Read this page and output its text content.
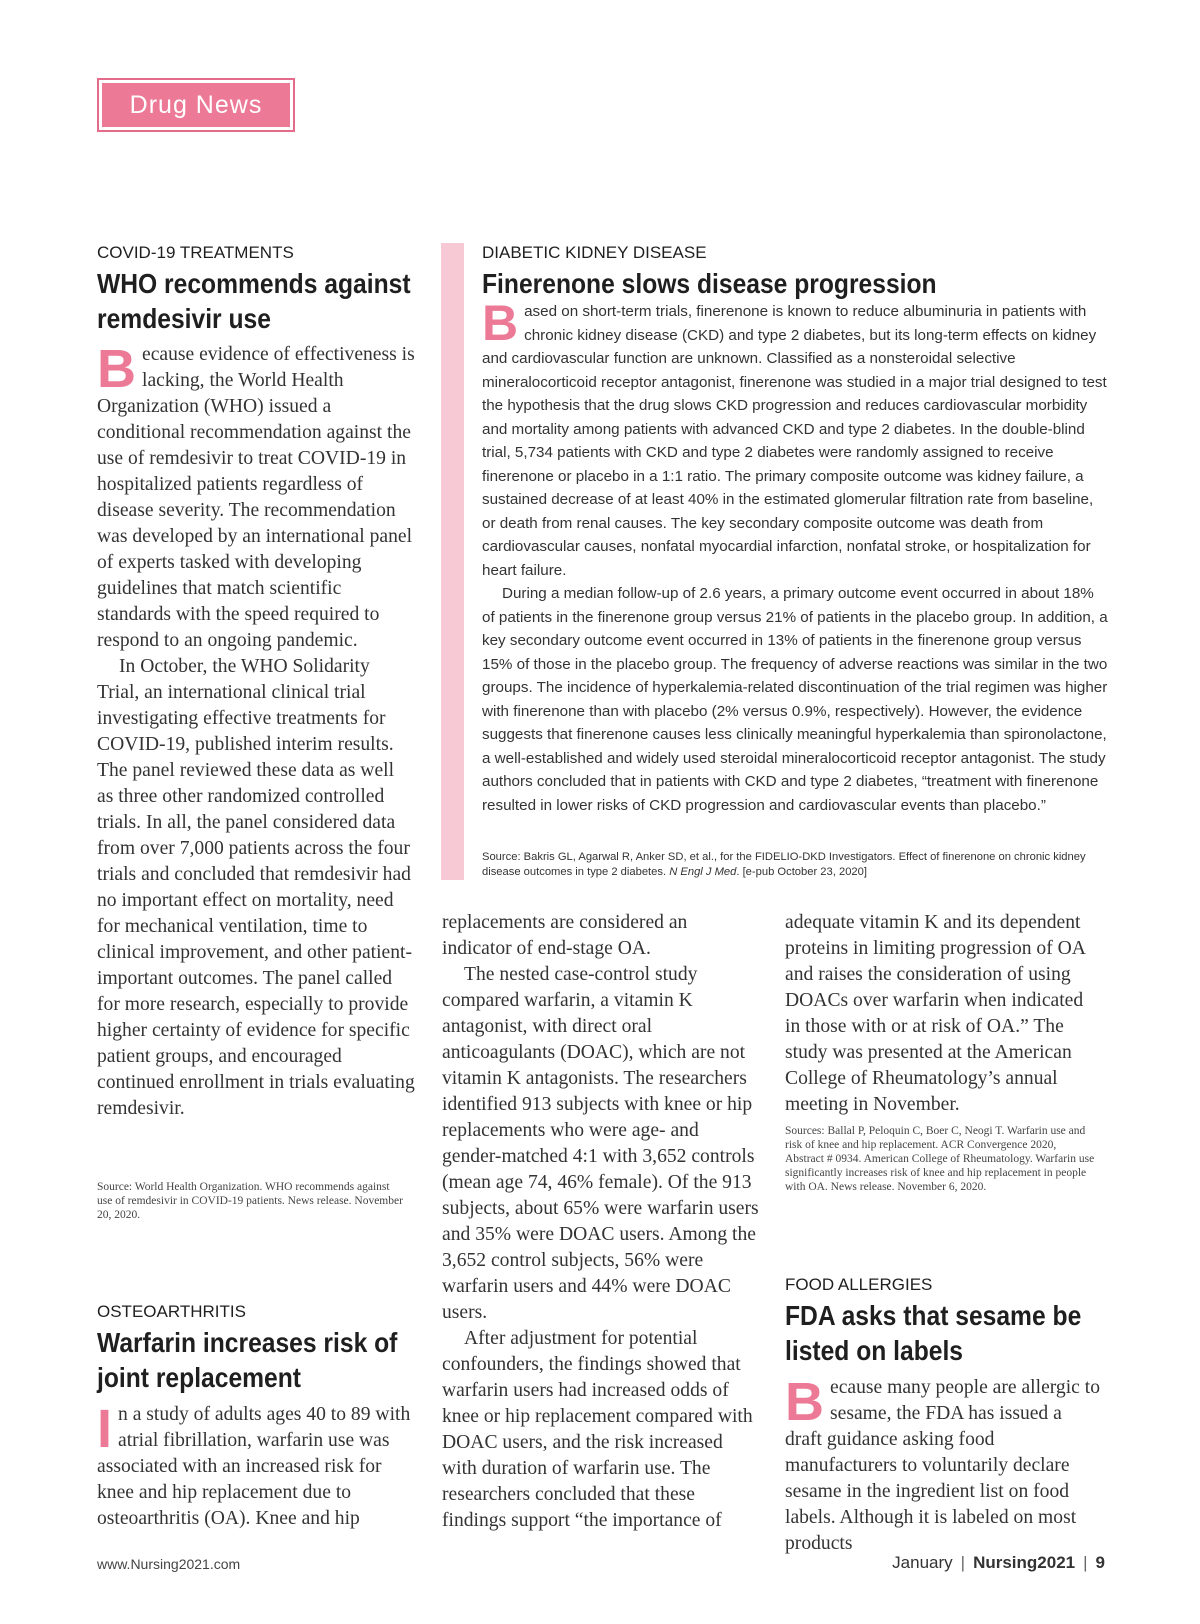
Drug News
COVID-19 TREATMENTS
WHO recommends against
remdesivir use

Because evidence of effectiveness is lacking, the World Health Organization (WHO) issued a conditional recommendation against the use of remdesivir to treat COVID-19 in hospitalized patients regardless of disease severity. The recommendation was developed by an international panel of experts tasked with developing guidelines that match scientific standards with the speed required to respond to an ongoing pandemic.

In October, the WHO Solidarity Trial, an international clinical trial investigating effective treatments for COVID-19, published interim results. The panel reviewed these data as well as three other randomized controlled trials. In all, the panel considered data from over 7,000 patients across the four trials and concluded that remdesivir had no important effect on mortality, need for mechanical ventilation, time to clinical improvement, and other patient-important outcomes. The panel called for more research, especially to provide higher certainty of evidence for specific patient groups, and encouraged continued enrollment in trials evaluating remdesivir.

Source: World Health Organization. WHO recommends against use of remdesivir in COVID-19 patients. News release. November 20, 2020.
DIABETIC KIDNEY DISEASE
Finerenone slows disease progression

Based on short-term trials, finerenone is known to reduce albuminuria in patients with chronic kidney disease (CKD) and type 2 diabetes, but its long-term effects on kidney and cardiovascular function are unknown. Classified as a nonsteroidal selective mineralocorticoid receptor antagonist, finerenone was studied in a major trial designed to test the hypothesis that the drug slows CKD progression and reduces cardiovascular morbidity and mortality among patients with advanced CKD and type 2 diabetes. In the double-blind trial, 5,734 patients with CKD and type 2 diabetes were randomly assigned to receive finerenone or placebo in a 1:1 ratio. The primary composite outcome was kidney failure, a sustained decrease of at least 40% in the estimated glomerular filtration rate from baseline, or death from renal causes. The key secondary composite outcome was death from cardiovascular causes, nonfatal myocardial infarction, nonfatal stroke, or hospitalization for heart failure.

During a median follow-up of 2.6 years, a primary outcome event occurred in about 18% of patients in the finerenone group versus 21% of patients in the placebo group. In addition, a key secondary outcome event occurred in 13% of patients in the finerenone group versus 15% of those in the placebo group. The frequency of adverse reactions was similar in the two groups. The incidence of hyperkalemia-related discontinuation of the trial regimen was higher with finerenone than with placebo (2% versus 0.9%, respectively). However, the evidence suggests that finerenone causes less clinically meaningful hyperkalemia than spironolactone, a well-established and widely used steroidal mineralocorticoid receptor antagonist. The study authors concluded that in patients with CKD and type 2 diabetes, “treatment with finerenone resulted in lower risks of CKD progression and cardiovascular events than placebo.”

Source: Bakris GL, Agarwal R, Anker SD, et al., for the FIDELIO-DKD Investigators. Effect of finerenone on chronic kidney disease outcomes in type 2 diabetes. N Engl J Med. [e-pub October 23, 2020]
OSTEOARTHRITIS
Warfarin increases risk of
joint replacement

In a study of adults ages 40 to 89 with atrial fibrillation, warfarin use was associated with an increased risk for knee and hip replacement due to osteoarthritis (OA). Knee and hip

replacements are considered an indicator of end-stage OA.

The nested case-control study compared warfarin, a vitamin K antagonist, with direct oral anticoagulants (DOAC), which are not vitamin K antagonists. The researchers identified 913 subjects with knee or hip replacements who were age- and gender-matched 4:1 with 3,652 controls (mean age 74, 46% female). Of the 913 subjects, about 65% were warfarin users and 35% were DOAC users. Among the 3,652 control subjects, 56% were warfarin users and 44% were DOAC users.

After adjustment for potential confounders, the findings showed that warfarin users had increased odds of knee or hip replacement compared with DOAC users, and the risk increased with duration of warfarin use. The researchers concluded that these findings support “the importance of

adequate vitamin K and its dependent proteins in limiting progression of OA and raises the consideration of using DOACs over warfarin when indicated in those with or at risk of OA.” The study was presented at the American College of Rheumatology’s annual meeting in November.

Sources: Ballal P, Peloquin C, Boer C, Neogi T. Warfarin use and risk of knee and hip replacement. ACR Convergence 2020, Abstract # 0934. American College of Rheumatology. Warfarin use significantly increases risk of knee and hip replacement in people with OA. News release. November 6, 2020.
FOOD ALLERGIES
FDA asks that sesame be
listed on labels

Because many people are allergic to sesame, the FDA has issued a draft guidance asking food manufacturers to voluntarily declare sesame in the ingredient list on food labels. Although it is labeled on most products

www.Nursing2021.com	January | Nursing2021 | 9
